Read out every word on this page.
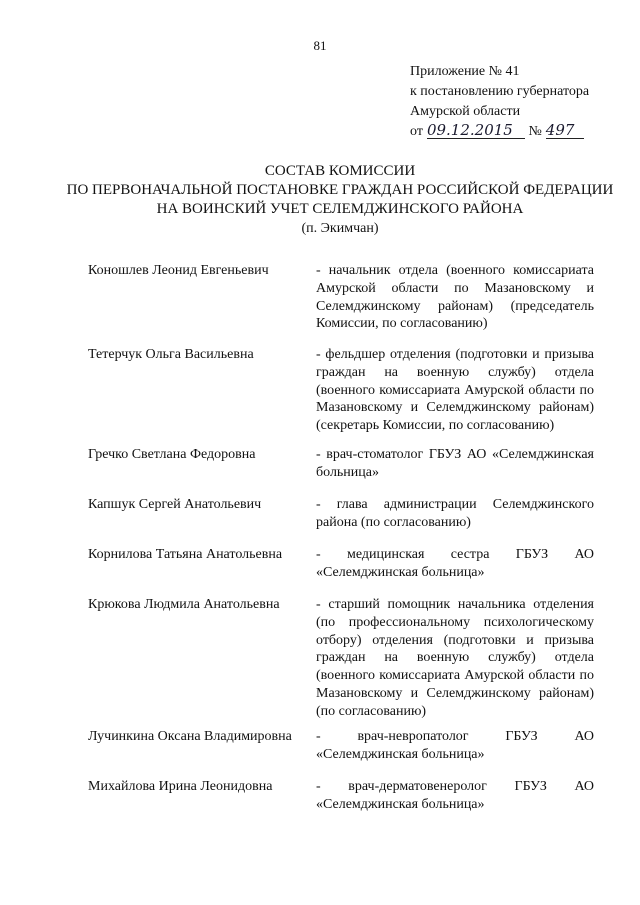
81
Приложение № 41
к постановлению губернатора
Амурской области
от 09.12.2015 № 497
СОСТАВ КОМИССИИ
ПО ПЕРВОНАЧАЛЬНОЙ ПОСТАНОВКЕ ГРАЖДАН РОССИЙСКОЙ ФЕДЕРАЦИИ
НА ВОИНСКИЙ УЧЕТ СЕЛЕМДЖИНСКОГО РАЙОНА
(п. Экимчан)
Коношлев Леонид Евгеньевич	- начальник отдела (военного комиссариата Амурской области по Мазановскому и Селемджинскому районам) (председатель Комиссии, по согласованию)
Тетерчук Ольга Васильевна	- фельдшер отделения (подготовки и призыва граждан на военную службу) отдела (военного комиссариата Амурской области по Мазановскому и Селемджинскому районам) (секретарь Комиссии, по согласованию)
Гречко Светлана Федоровна	- врач-стоматолог ГБУЗ АО «Селемджинская больница»
Капшук Сергей Анатольевич	- глава администрации Селемджинского района (по согласованию)
Корнилова Татьяна Анатольевна	- медицинская сестра ГБУЗ АО «Селемджинская больница»
Крюкова Людмила Анатольевна	- старший помощник начальника отделения (по профессиональному психологическому отбору) отделения (подготовки и призыва граждан на военную службу) отдела (военного комиссариата Амурской области по Мазановскому и Селемджинскому районам) (по согласованию)
Лучинкина Оксана Владимировна	- врач-невропатолог ГБУЗ АО «Селемджинская больница»
Михайлова Ирина Леонидовна	- врач-дерматовенеролог ГБУЗ АО «Селемджинская больница»
